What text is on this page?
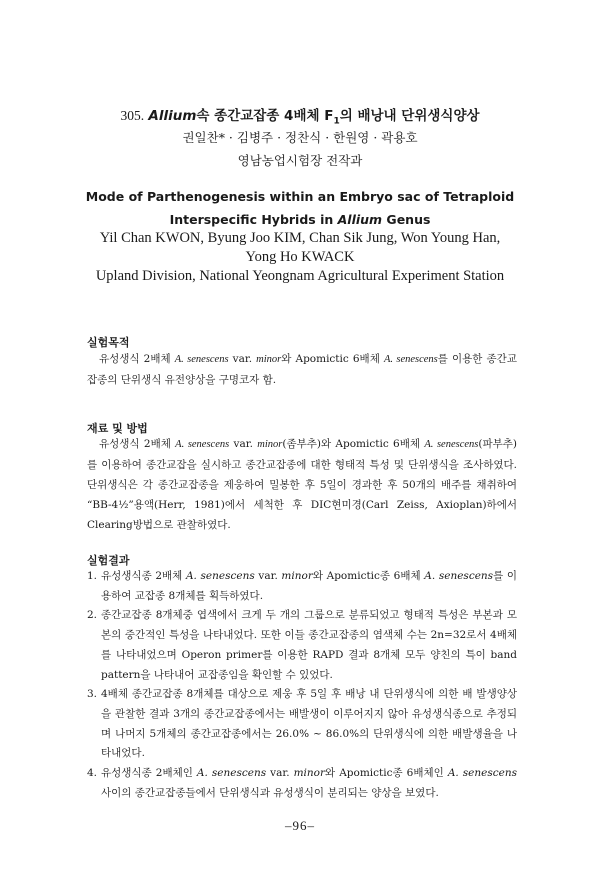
305. Allium속 종간교잡종 4배체 $F_1$의 배낭내 단위생식양상
권일찬* · 김병주 · 정찬식 · 한원영 · 곽용호
영남농업시험장 전작과
Mode of Parthenogenesis within an Embryo sac of Tetraploid
Interspecific Hybrids in Allium Genus
Yil Chan KWON, Byung Joo KIM, Chan Sik Jung, Won Young Han,
Yong Ho KWACK
Upland Division, National Yeongnam Agricultural Experiment Station
실험목적

유성생식 2배체 A. senescens var. minor와 Apomictic 6배체 A. senescens를 이용한 종간교잡종의 단위생식 유전양상을 구명코자 함.

재료 및 방법

유성생식 2배체 A. senescens var. minor(좀부추)와 Apomictic 6배체 A. senescens(파부추)를 이용하여 종간교잡을 실시하고 종간교잡종에 대한 형태적 특성 및 단위생식을 조사하였다. 단위생식은 각 종간교잡종을 제웅하여 밀봉한 후 5일이 경과한 후 50개의 배주를 채취하여 “BB-4½”용액(Herr, 1981)에서 세척한 후 DIC현미경(Carl Zeiss, Axioplan)하에서 Clearing방법으로 관찰하였다.

실험결과
1. 유성생식종 2배체 A. senescens var. minor와 Apomictic종 6배체 A. senescens를 이용하여 교잡종 8개체를 획득하였다.
2. 종간교잡종 8개체중 엽색에서 크게 두 개의 그룹으로 분류되었고 형태적 특성은 부본과 모본의 중간적인 특성을 나타내었다. 또한 이들 종간교잡종의 염색체 수는 2n=32로서 4배체를 나타내었으며 Operon primer를 이용한 RAPD 결과 8개체 모두 양친의 특이 band pattern을 나타내어 교잡종임을 확인할 수 있었다.
3. 4배체 종간교잡종 8개체를 대상으로 제웅 후 5일 후 배낭 내 단위생식에 의한 배 발생양상을 관찰한 결과 3개의 종간교잡종에서는 배발생이 이루어지지 않아 유성생식종으로 추정되며 나머지 5개체의 종간교잡종에서는 26.0% ~ 86.0%의 단위생식에 의한 배발생율을 나타내었다.
4. 유성생식종 2배체인 A. senescens var. minor와 Apomictic종 6배체인 A. senescens사이의 종간교잡종들에서 단위생식과 유성생식이 분리되는 양상을 보였다.
–96–
